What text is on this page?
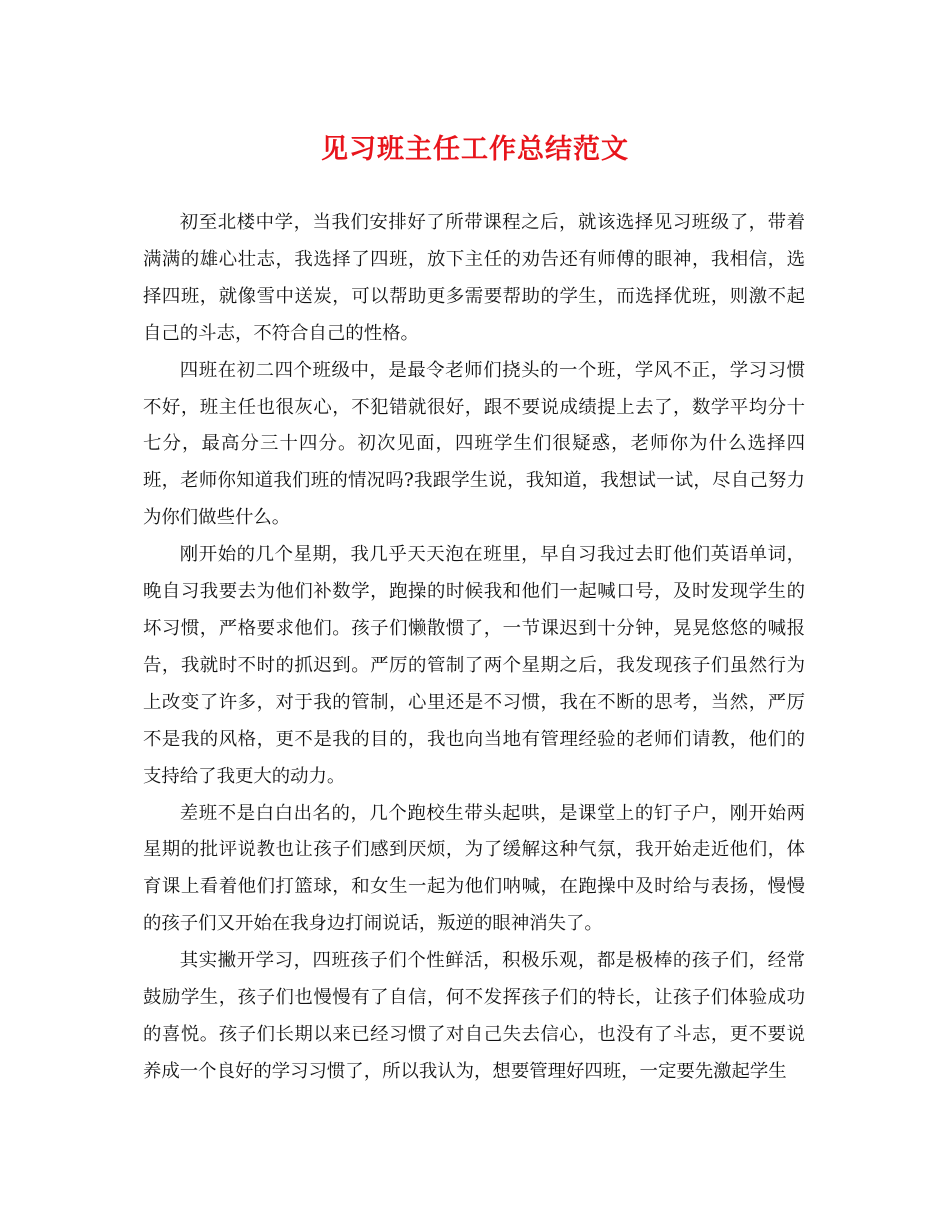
见习班主任工作总结范文

初至北楼中学，当我们安排好了所带课程之后，就该选择见习班级了，带着满满的雄心壮志，我选择了四班，放下主任的劝告还有师傅的眼神，我相信，选择四班，就像雪中送炭，可以帮助更多需要帮助的学生，而选择优班，则激不起自己的斗志，不符合自己的性格。

四班在初二四个班级中，是最令老师们挠头的一个班，学风不正，学习习惯不好，班主任也很灰心，不犯错就很好，跟不要说成绩提上去了，数学平均分十七分，最高分三十四分。初次见面，四班学生们很疑惑，老师你为什么选择四班，老师你知道我们班的情况吗?我跟学生说，我知道，我想试一试，尽自己努力为你们做些什么。

刚开始的几个星期，我几乎天天泡在班里，早自习我过去盯他们英语单词，晚自习我要去为他们补数学，跑操的时候我和他们一起喊口号，及时发现学生的坏习惯，严格要求他们。孩子们懒散惯了，一节课迟到十分钟，晃晃悠悠的喊报告，我就时不时的抓迟到。严厉的管制了两个星期之后，我发现孩子们虽然行为上改变了许多，对于我的管制，心里还是不习惯，我在不断的思考，当然，严厉不是我的风格，更不是我的目的，我也向当地有管理经验的老师们请教，他们的支持给了我更大的动力。

差班不是白白出名的，几个跑校生带头起哄，是课堂上的钉子户，刚开始两星期的批评说教也让孩子们感到厌烦，为了缓解这种气氛，我开始走近他们，体育课上看着他们打篮球，和女生一起为他们呐喊，在跑操中及时给与表扬，慢慢的孩子们又开始在我身边打闹说话，叛逆的眼神消失了。

其实撇开学习，四班孩子们个性鲜活，积极乐观，都是极棒的孩子们，经常鼓励学生，孩子们也慢慢有了自信，何不发挥孩子们的特长，让孩子们体验成功的喜悦。孩子们长期以来已经习惯了对自己失去信心，也没有了斗志，更不要说养成一个良好的学习习惯了，所以我认为，想要管理好四班，一定要先激起学生
